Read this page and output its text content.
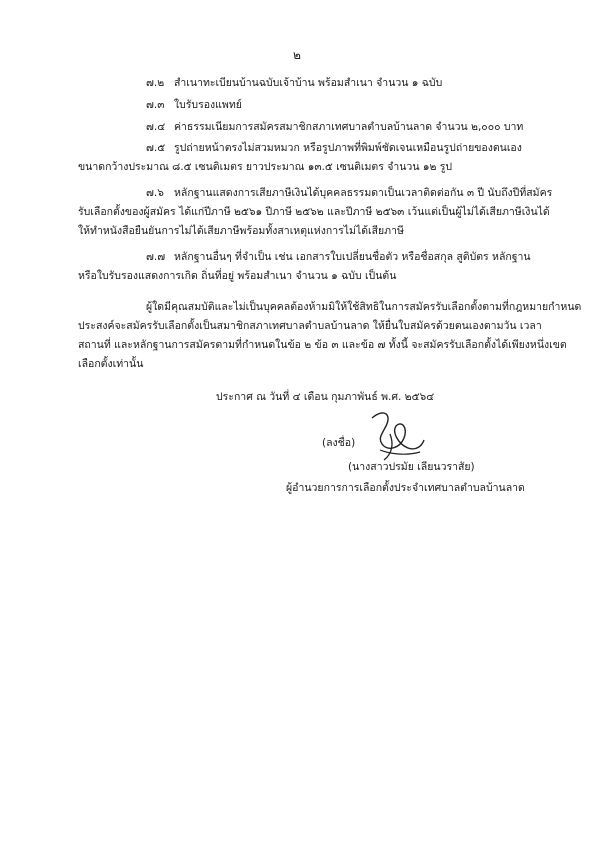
๒
๗.๒ สำเนาทะเบียนบ้านฉบับเจ้าบ้าน พร้อมสำเนา จำนวน ๑ ฉบับ
๗.๓ ใบรับรองแพทย์
๗.๔ ค่าธรรมเนียมการสมัครสมาชิกสภาเทศบาลตำบลบ้านลาด จำนวน ๒,๐๐๐ บาท
๗.๕ รูปถ่ายหน้าตรงไม่สวมหมวก หรือรูปภาพที่พิมพ์ชัดเจนเหมือนรูปถ่ายของตนเอง
ขนาดกว้างประมาณ ๘.๕ เซนติเมตร ยาวประมาณ ๑๓.๕ เซนติเมตร จำนวน ๑๒ รูป
๗.๖ หลักฐานแสดงการเสียภาษีเงินได้บุคคลธรรมดาเป็นเวลาติดต่อกัน ๓ ปี นับถึงปีที่สมัคร
รับเลือกตั้งของผู้สมัคร ได้แก่ปีภาษี ๒๕๖๑ ปีภาษี ๒๕๖๒ และปีภาษี ๒๕๖๓ เว้นแต่เป็นผู้ไม่ได้เสียภาษีเงินได้
ให้ทำหนังสือยืนยันการไม่ได้เสียภาษีพร้อมทั้งสาเหตุแห่งการไม่ได้เสียภาษี
๗.๗ หลักฐานอื่นๆ ที่จำเป็น เช่น เอกสารใบเปลี่ยนชื่อตัว หรือชื่อสกุล สูติบัตร หลักฐาน
หรือใบรับรองแสดงการเกิด ถิ่นที่อยู่ พร้อมสำเนา จำนวน ๑ ฉบับ เป็นต้น
ผู้ใดมีคุณสมบัติและไม่เป็นบุคคลต้องห้ามมิให้ใช้สิทธิในการสมัครรับเลือกตั้งตามที่กฎหมายกำหนด
ประสงค์จะสมัครรับเลือกตั้งเป็นสมาชิกสภาเทศบาลตำบลบ้านลาด ให้ยื่นใบสมัครด้วยตนเองตามวัน เวลา
สถานที่ และหลักฐานการสมัครตามที่กำหนดในข้อ ๒ ข้อ ๓ และข้อ ๗ ทั้งนี้ จะสมัครรับเลือกตั้งได้เพียงหนึ่งเขต
เลือกตั้งเท่านั้น
ประกาศ ณ วันที่ ๔ เดือน กุมภาพันธ์ พ.ศ. ๒๕๖๔
(ลงชื่อ)
(นางสาวปรมัย เลียนวราสัย)
ผู้อำนวยการการเลือกตั้งประจำเทศบาลตำบลบ้านลาด
